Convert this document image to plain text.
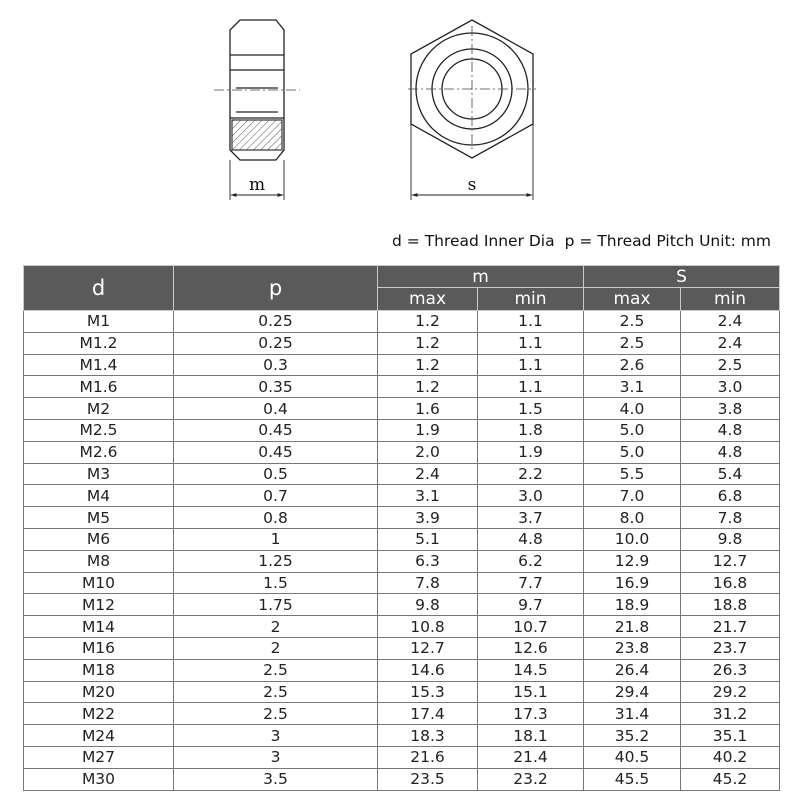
m	s
d = Thread Inner Dia p = Thread Pitch Unit: mm
d	p	m		S	
		max	min	max	min
M1	0.25	1.2	1.1	2.5	2.4
M1.2	0.25	1.2	1.1	2.5	2.4
M1.4	0.3	1.2	1.1	2.6	2.5
M1.6	0.35	1.2	1.1	3.1	3.0
M2	0.4	1.6	1.5	4.0	3.8
M2.5	0.45	1.9	1.8	5.0	4.8
M2.6	0.45	2.0	1.9	5.0	4.8
M3	0.5	2.4	2.2	5.5	5.4
M4	0.7	3.1	3.0	7.0	6.8
M5	0.8	3.9	3.7	8.0	7.8
M6	1	5.1	4.8	10.0	9.8
M8	1.25	6.3	6.2	12.9	12.7
M10	1.5	7.8	7.7	16.9	16.8
M12	1.75	9.8	9.7	18.9	18.8
M14	2	10.8	10.7	21.8	21.7
M16	2	12.7	12.6	23.8	23.7
M18	2.5	14.6	14.5	26.4	26.3
M20	2.5	15.3	15.1	29.4	29.2
M22	2.5	17.4	17.3	31.4	31.2
M24	3	18.3	18.1	35.2	35.1
M27	3	21.6	21.4	40.5	40.2
M30	3.5	23.5	23.2	45.5	45.2
